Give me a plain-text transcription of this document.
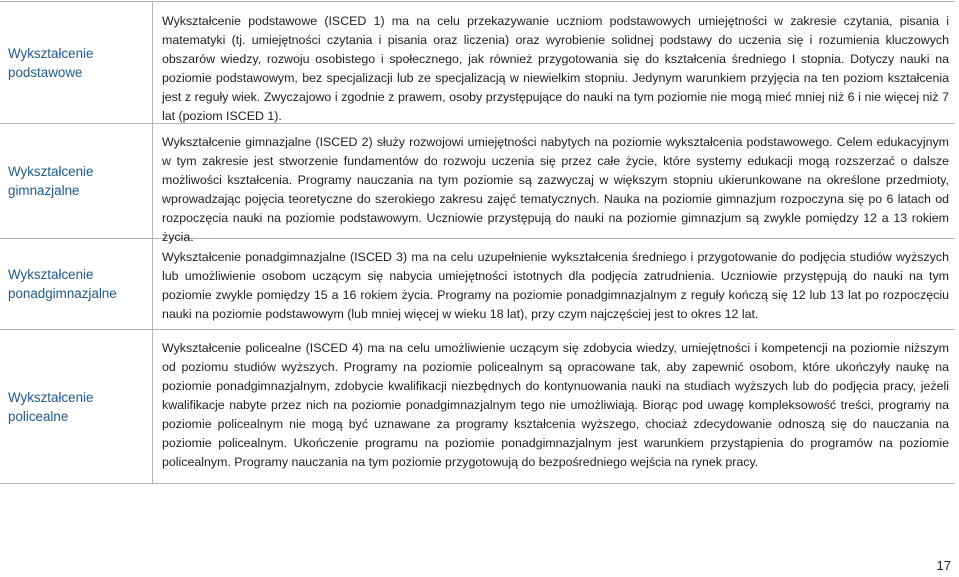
Wykształcenie podstawowe
Wykształcenie podstawowe (ISCED 1) ma na celu przekazywanie uczniom podstawowych umiejętności w zakresie czytania, pisania i matematyki (tj. umiejętności czytania i pisania oraz liczenia) oraz wyrobienie solidnej podstawy do uczenia się i rozumienia kluczowych obszarów wiedzy, rozwoju osobistego i społecznego, jak również przygotowania się do kształcenia średniego I stopnia. Dotyczy nauki na poziomie podstawowym, bez specjalizacji lub ze specjalizacją w niewielkim stopniu. Jedynym warunkiem przyjęcia na ten poziom kształcenia jest z reguły wiek. Zwyczajowo i zgodnie z prawem, osoby przystępujące do nauki na tym poziomie nie mogą mieć mniej niż 6 i nie więcej niż 7 lat (poziom ISCED 1).
Wykształcenie gimnazjalne
Wykształcenie gimnazjalne (ISCED 2) służy rozwojowi umiejętności nabytych na poziomie wykształcenia podstawowego. Celem edukacyjnym w tym zakresie jest stworzenie fundamentów do rozwoju uczenia się przez całe życie, które systemy edukacji mogą rozszerzać o dalsze możliwości kształcenia. Programy nauczania na tym poziomie są zazwyczaj w większym stopniu ukierunkowane na określone przedmioty, wprowadzając pojęcia teoretyczne do szerokiego zakresu zajęć tematycznych. Nauka na poziomie gimnazjum rozpoczyna się po 6 latach od rozpoczęcia nauki na poziomie podstawowym. Uczniowie przystępują do nauki na poziomie gimnazjum są zwykle pomiędzy 12 a 13 rokiem życia.
Wykształcenie ponadgimnazjalne
Wykształcenie ponadgimnazjalne (ISCED 3) ma na celu uzupełnienie wykształcenia średniego i przygotowanie do podjęcia studiów wyższych lub umożliwienie osobom uczącym się nabycia umiejętności istotnych dla podjęcia zatrudnienia. Uczniowie przystępują do nauki na tym poziomie zwykle pomiędzy 15 a 16 rokiem życia. Programy na poziomie ponadgimnazjalnym z reguły kończą się 12 lub 13 lat po rozpoczęciu nauki na poziomie podstawowym (lub mniej więcej w wieku 18 lat), przy czym najczęściej jest to okres 12 lat.
Wykształcenie policealne
Wykształcenie policealne (ISCED 4) ma na celu umożliwienie uczącym się zdobycia wiedzy, umiejętności i kompetencji na poziomie niższym od poziomu studiów wyższych. Programy na poziomie policealnym są opracowane tak, aby zapewnić osobom, które ukończyły naukę na poziomie ponadgimnazjalnym, zdobycie kwalifikacji niezbędnych do kontynuowania nauki na studiach wyższych lub do podjęcia pracy, jeżeli kwalifikacje nabyte przez nich na poziomie ponadgimnazjalnym tego nie umożliwiają. Biorąc pod uwagę kompleksowość treści, programy na poziomie policealnym nie mogą być uznawane za programy kształcenia wyższego, chociaż zdecydowanie odnoszą się do nauczania na poziomie policealnym. Ukończenie programu na poziomie ponadgimnazjalnym jest warunkiem przystąpienia do programów na poziomie policealnym. Programy nauczania na tym poziomie przygotowują do bezpośredniego wejścia na rynek pracy.
17
